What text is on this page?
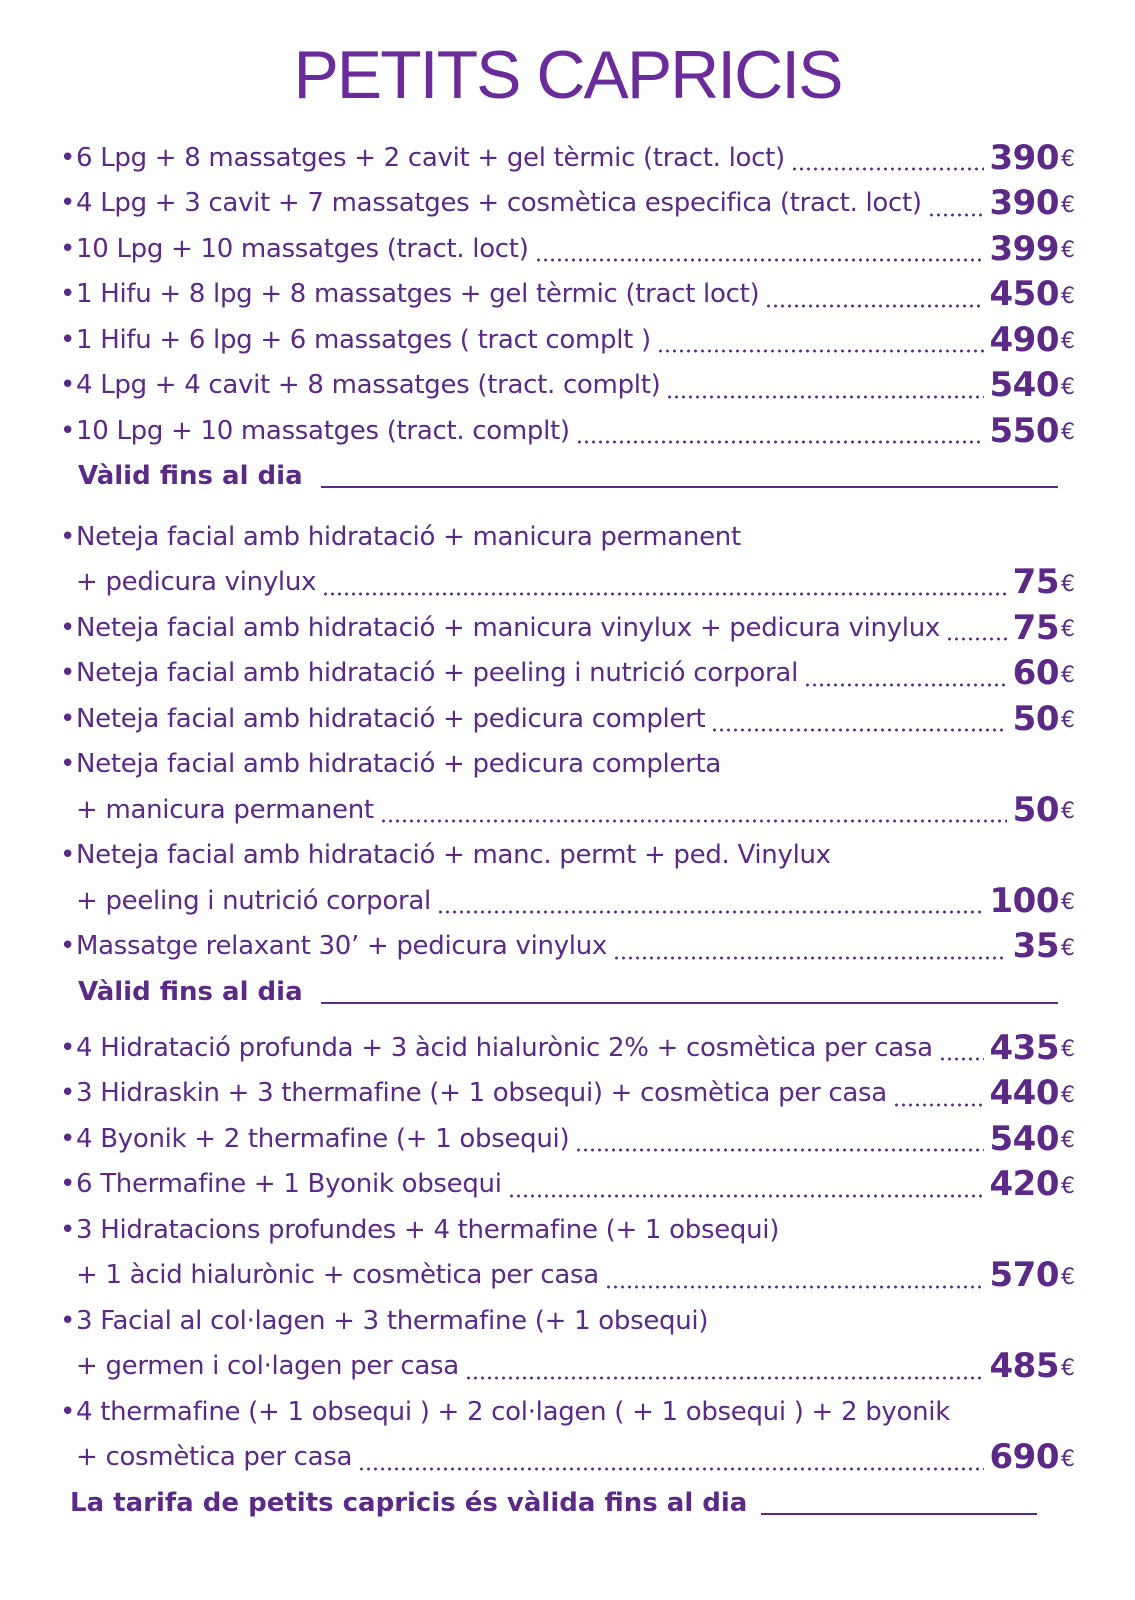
PETITS CAPRICIS
• 6 Lpg + 8 massatges + 2 cavit + gel tèrmic (tract. loct)	390 €
• 4 Lpg + 3 cavit + 7 massatges + cosmètica especifica (tract. loct) 390 €
• 10 Lpg + 10 massatges (tract. loct)	399 €
• 1 Hifu + 8 lpg + 8 massatges + gel tèrmic (tract loct)	450 €
• 1 Hifu + 6 lpg + 6 massatges ( tract complt )	490 €
• 4 Lpg + 4 cavit + 8 massatges (tract. complt)	540 €
• 10 Lpg + 10 massatges (tract. complt)	550 €
Vàlid fins al dia
• Neteja facial amb hidratació + manicura permanent
+ pedicura vinylux	75 €
• Neteja facial amb hidratació + manicura vinylux + pedicura vinylux 75 €
• Neteja facial amb hidratació + peeling i nutrició corporal	60 €
• Neteja facial amb hidratació + pedicura complert	50 €
• Neteja facial amb hidratació + pedicura complerta
+ manicura permanent	50 €
• Neteja facial amb hidratació + manc. permt + ped. Vinylux
+ peeling i nutrició corporal	100 €
• Massatge relaxant 30’ + pedicura vinylux	35 €
Vàlid fins al dia
• 4 Hidratació profunda + 3 àcid hialurònic 2% + cosmètica per casa 435 €
• 3 Hidraskin + 3 thermafine (+ 1 obsequi) + cosmètica per casa	440 €
• 4 Byonik + 2 thermafine (+ 1 obsequi)	540 €
• 6 Thermafine + 1 Byonik obsequi	420 €
• 3 Hidratacions profundes + 4 thermafine (+ 1 obsequi)
+ 1 àcid hialurònic + cosmètica per casa	570 €
• 3 Facial al col·lagen + 3 thermafine (+ 1 obsequi)
+ germen i col·lagen per casa	485 €
• 4 thermafine (+ 1 obsequi ) + 2 col·lagen ( + 1 obsequi ) + 2 byonik
+ cosmètica per casa	690 €
La tarifa de petits capricis és vàlida fins al dia
